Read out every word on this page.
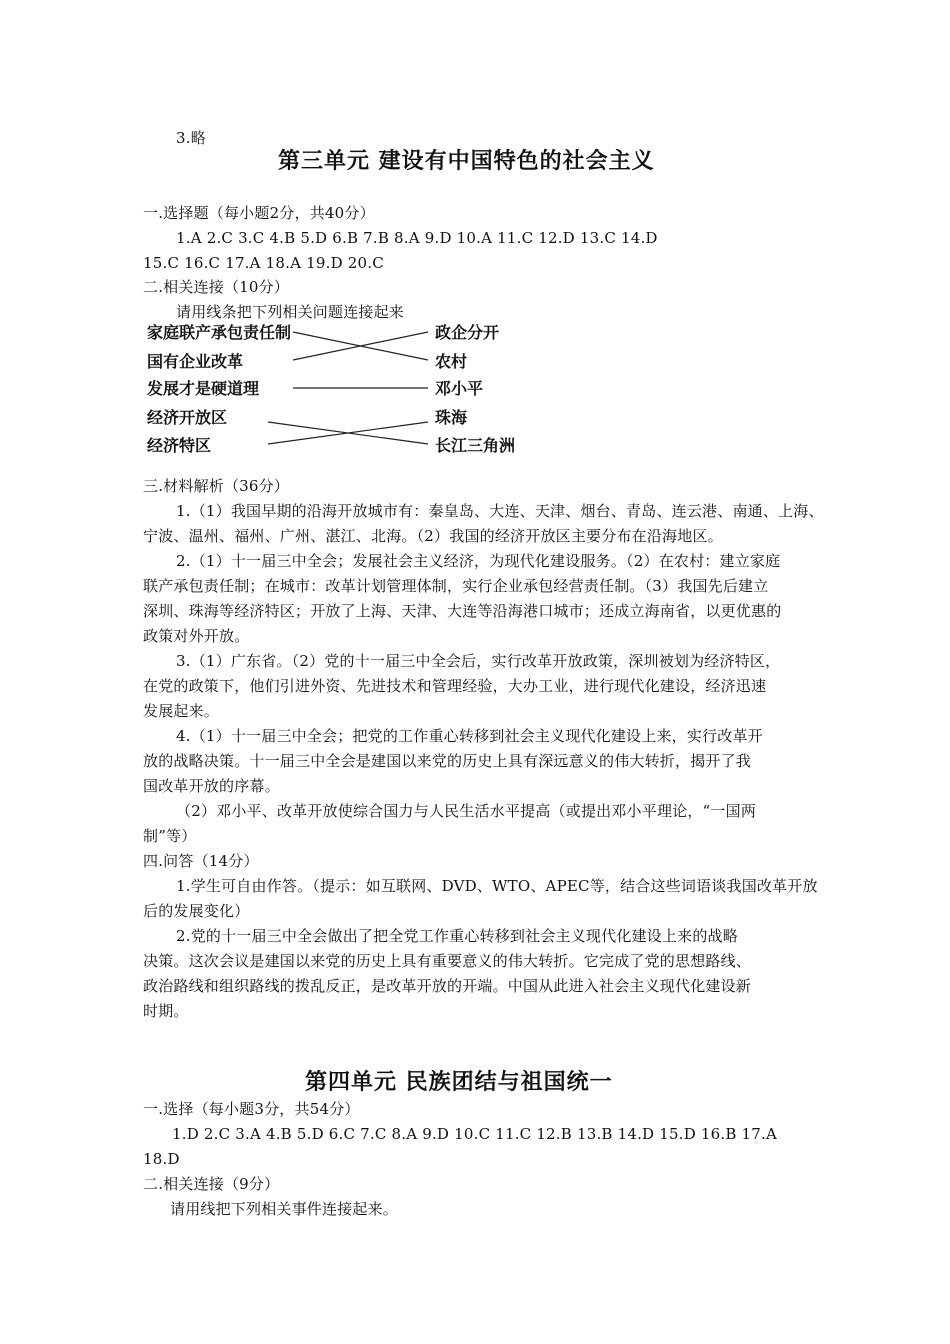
3.略
第三单元 建设有中国特色的社会主义
一.选择题（每小题2分，共40分）
1.A 2.C 3.C 4.B 5.D 6.B 7.B 8.A 9.D 10.A 11.C 12.D 13.C 14.D
15.C 16.C 17.A 18.A 19.D 20.C
二.相关连接（10分）
请用线条把下列相关问题连接起来
家庭联产承包责任制
国有企业改革
发展才是硬道理
经济开放区
经济特区
政企分开
农村
邓小平
珠海
长江三角洲
三.材料解析（36分）
1.（1）我国早期的沿海开放城市有：秦皇岛、大连、天津、烟台、青岛、连云港、南通、上海、
宁波、温州、福州、广州、湛江、北海。（2）我国的经济开放区主要分布在沿海地区。
2.（1）十一届三中全会；发展社会主义经济，为现代化建设服务。（2）在农村：建立家庭
联产承包责任制；在城市：改革计划管理体制，实行企业承包经营责任制。（3）我国先后建立
深圳、珠海等经济特区；开放了上海、天津、大连等沿海港口城市；还成立海南省，以更优惠的
政策对外开放。
3.（1）广东省。（2）党的十一届三中全会后，实行改革开放政策，深圳被划为经济特区，
在党的政策下，他们引进外资、先进技术和管理经验，大办工业，进行现代化建设，经济迅速
发展起来。
4.（1）十一届三中全会；把党的工作重心转移到社会主义现代化建设上来，实行改革开
放的战略决策。十一届三中全会是建国以来党的历史上具有深远意义的伟大转折，揭开了我
国改革开放的序幕。
（2）邓小平、改革开放使综合国力与人民生活水平提高（或提出邓小平理论，“一国两
制”等）
四.问答（14分）
1.学生可自由作答。（提示：如互联网、DVD、WTO、APEC等，结合这些词语谈我国改革开放
后的发展变化）
2.党的十一届三中全会做出了把全党工作重心转移到社会主义现代化建设上来的战略
决策。这次会议是建国以来党的历史上具有重要意义的伟大转折。它完成了党的思想路线、
政治路线和组织路线的拨乱反正，是改革开放的开端。中国从此进入社会主义现代化建设新
时期。
第四单元 民族团结与祖国统一
一.选择（每小题3分，共54分）
1.D 2.C 3.A 4.B 5.D 6.C 7.C 8.A 9.D 10.C 11.C 12.B 13.B 14.D 15.D 16.B 17.A
18.D
二.相关连接（9分）
请用线把下列相关事件连接起来。
